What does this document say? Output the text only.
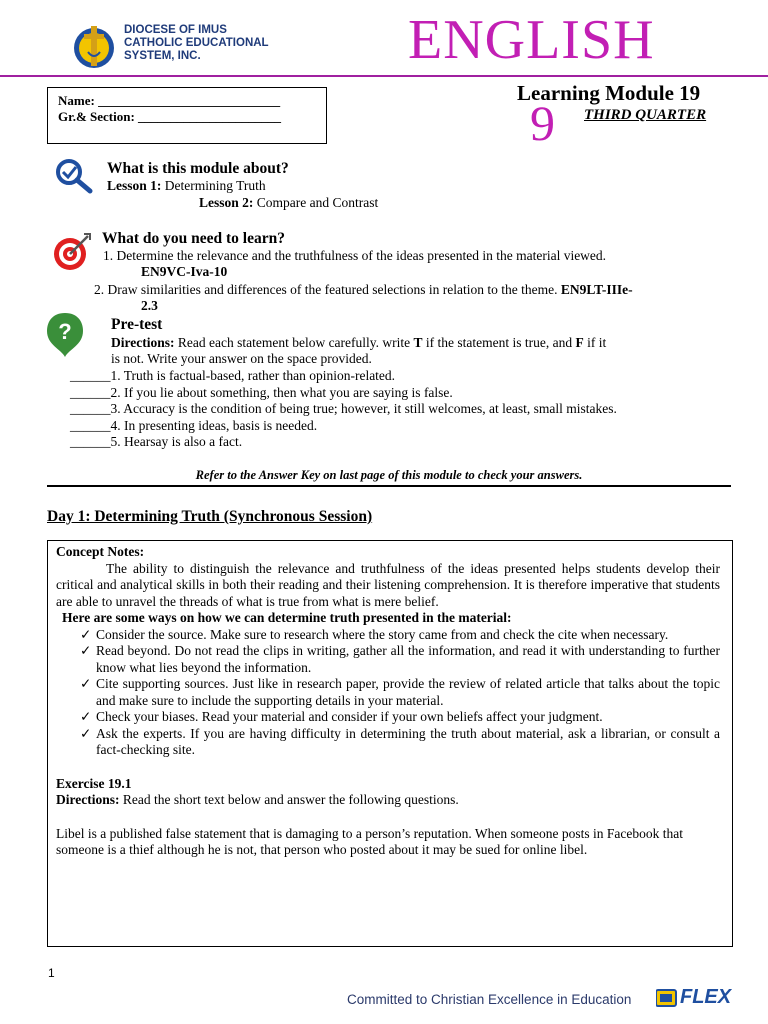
DIOCESE OF IMUS
CATHOLIC EDUCATIONAL
SYSTEM, INC.	ENGLISH
Name: ____________________________
Gr.& Section: ______________________
Learning Module 19
9 THIRD QUARTER
What is this module about?
Lesson 1: Determining Truth
Lesson 2: Compare and Contrast
What do you need to learn?
1. Determine the relevance and the truthfulness of the ideas presented in the material viewed.
EN9VC-Iva-10
2. Draw similarities and differences of the featured selections in relation to the theme. EN9LT-IIIe-
2.3
?	Pre-test
Directions: Read each statement below carefully. write T if the statement is true, and F if it
is not. Write your answer on the space provided.
______1. Truth is factual-based, rather than opinion-related.
______2. If you lie about something, then what you are saying is false.
______3. Accuracy is the condition of being true; however, it still welcomes, at least, small mistakes.
______4. In presenting ideas, basis is needed.
______5. Hearsay is also a fact.
Refer to the Answer Key on last page of this module to check your answers.
Day 1: Determining Truth (Synchronous Session)
Concept Notes:
The ability to distinguish the relevance and truthfulness of the ideas presented helps students develop their critical and analytical skills in both their reading and their listening comprehension. It is therefore imperative that students are able to unravel the threads of what is true from what is mere belief.
Here are some ways on how we can determine truth presented in the material:
✓ Consider the source. Make sure to research where the story came from and check the cite when necessary.
✓ Read beyond. Do not read the clips in writing, gather all the information, and read it with understanding to further know what lies beyond the information.
✓ Cite supporting sources. Just like in research paper, provide the review of related article that talks about the topic and make sure to include the supporting details in your material.
✓ Check your biases. Read your material and consider if your own beliefs affect your judgment.
✓ Ask the experts. If you are having difficulty in determining the truth about material, ask a librarian, or consult a fact-checking site.
Exercise 19.1
Directions: Read the short text below and answer the following questions.
Libel is a published false statement that is damaging to a person’s reputation. When someone posts in Facebook that someone is a thief although he is not, that person who posted about it may be sued for online libel.
1
Committed to Christian Excellence in Education FLEX
